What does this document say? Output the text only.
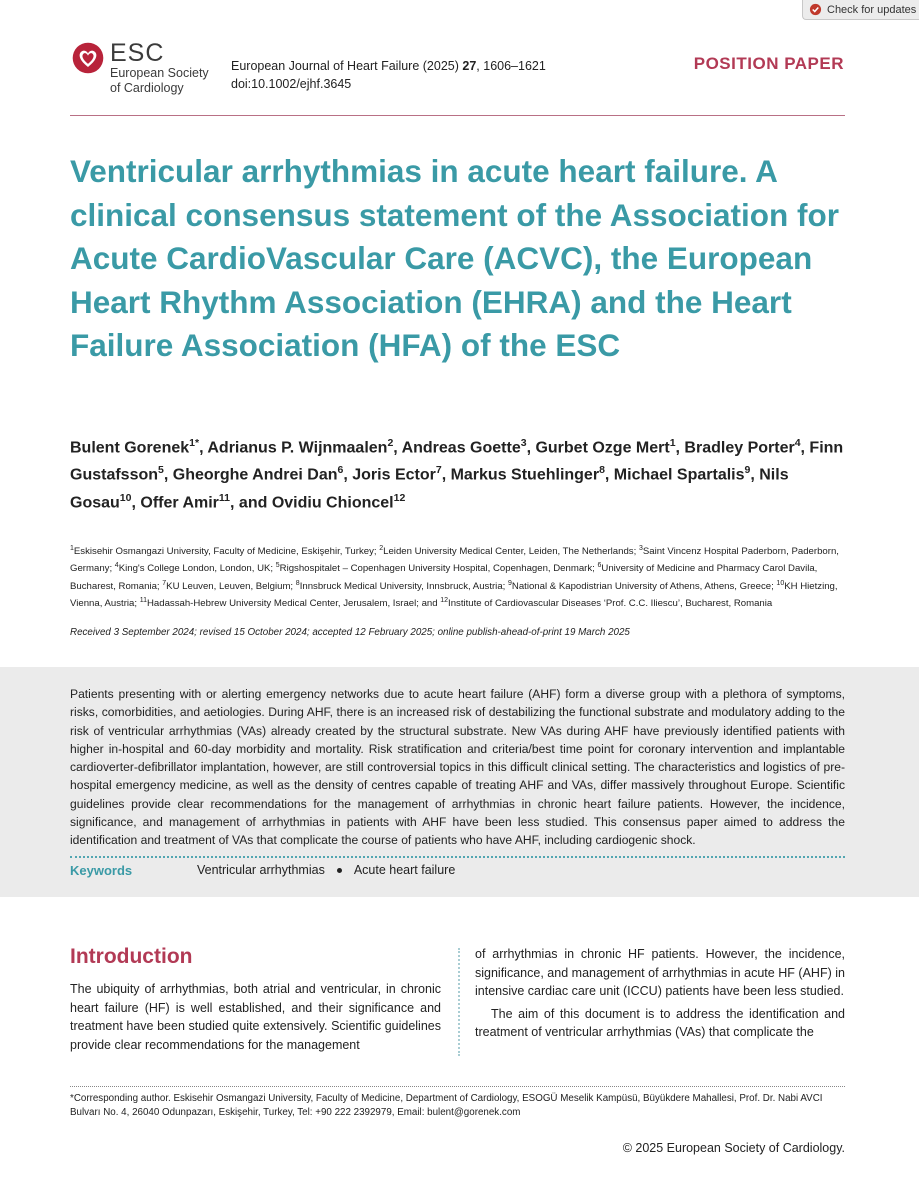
Check for updates
ESC
European Society
of Cardiology
European Journal of Heart Failure (2025) 27, 1606–1621
doi:10.1002/ejhf.3645
POSITION PAPER
Ventricular arrhythmias in acute heart failure. A clinical consensus statement of the Association for Acute CardioVascular Care (ACVC), the European Heart Rhythm Association (EHRA) and the Heart Failure Association (HFA) of the ESC
Bulent Gorenek$^{1*}$, Adrianus P. Wijnmaalen$^2$, Andreas Goette$^3$, Gurbet Ozge Mert$^1$, Bradley Porter$^4$, Finn Gustafsson$^5$, Gheorghe Andrei Dan$^6$, Joris Ector$^7$, Markus Stuehlinger$^8$, Michael Spartalis$^9$, Nils Gosau$^{10}$, Offer Amir$^{11}$, and Ovidiu Chioncel$^{12}$
$^1$Eskisehir Osmangazi University, Faculty of Medicine, Eskişehir, Turkey; $^2$Leiden University Medical Center, Leiden, The Netherlands; $^3$Saint Vincenz Hospital Paderborn, Paderborn, Germany; $^4$King's College London, London, UK; $^5$Rigshospitalet – Copenhagen University Hospital, Copenhagen, Denmark; $^6$University of Medicine and Pharmacy Carol Davila, Bucharest, Romania; $^7$KU Leuven, Leuven, Belgium; $^8$Innsbruck Medical University, Innsbruck, Austria; $^9$National & Kapodistrian University of Athens, Athens, Greece; $^{10}$KH Hietzing, Vienna, Austria; $^{11}$Hadassah-Hebrew University Medical Center, Jerusalem, Israel; and $^{12}$Institute of Cardiovascular Diseases ‘Prof. C.C. Iliescu’, Bucharest, Romania
Received 3 September 2024; revised 15 October 2024; accepted 12 February 2025; online publish-ahead-of-print 19 March 2025

Patients presenting with or alerting emergency networks due to acute heart failure (AHF) form a diverse group with a plethora of symptoms, risks, comorbidities, and aetiologies. During AHF, there is an increased risk of destabilizing the functional substrate and modulatory adding to the risk of ventricular arrhythmias (VAs) already created by the structural substrate. New VAs during AHF have previously identified patients with higher in-hospital and 60-day morbidity and mortality. Risk stratification and criteria/best time point for coronary intervention and implantable cardioverter-defibrillator implantation, however, are still controversial topics in this difficult clinical setting. The characteristics and logistics of pre-hospital emergency medicine, as well as the density of centres capable of treating AHF and VAs, differ massively throughout Europe. Scientific guidelines provide clear recommendations for the management of arrhythmias in chronic heart failure patients. However, the incidence, significance, and management of arrhythmias in patients with AHF have been less studied. This consensus paper aimed to address the identification and treatment of VAs that complicate the course of patients who have AHF, including cardiogenic shock.

Keywords	Ventricular arrhythmias Acute heart failure
Introduction

The ubiquity of arrhythmias, both atrial and ventricular, in chronic heart failure (HF) is well established, and their significance and treatment have been studied quite extensively. Scientific guidelines provide clear recommendations for the management

of arrhythmias in chronic HF patients. However, the incidence, significance, and management of arrhythmias in acute HF (AHF) in intensive cardiac care unit (ICCU) patients have been less studied.

The aim of this document is to address the identification and treatment of ventricular arrhythmias (VAs) that complicate the

*Corresponding author. Eskisehir Osmangazi University, Faculty of Medicine, Department of Cardiology, ESOGÜ Meselik Kampüsü, Büyükdere Mahallesi, Prof. Dr. Nabi AVCI Bulvarı No. 4, 26040 Odunpazarı, Eskişehir, Turkey, Tel: +90 222 2392979, Email: bulent@gorenek.com
© 2025 European Society of Cardiology.
